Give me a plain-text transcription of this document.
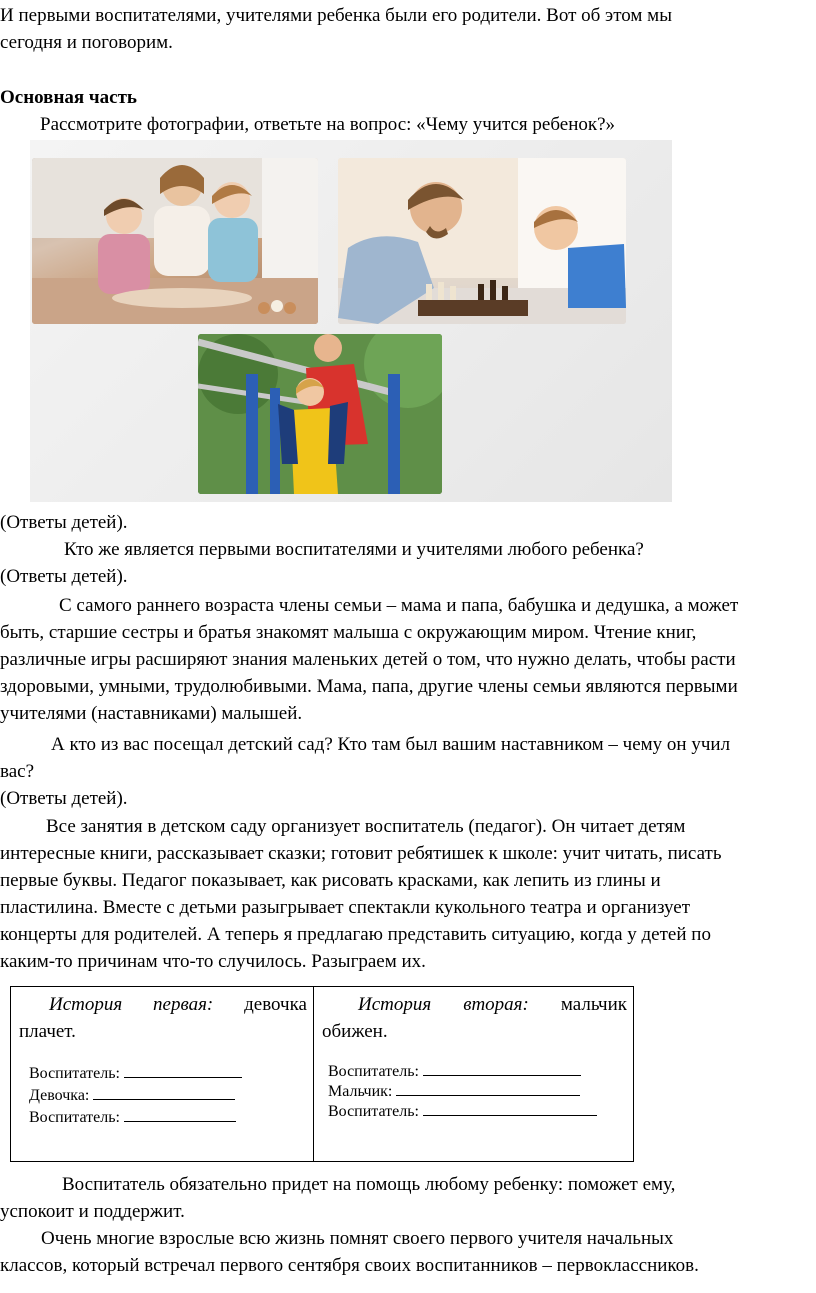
И первыми воспитателями, учителями ребенка были его родители. Вот об этом мы
сегодня и поговорим.
Основная часть
Рассмотрите фотографии, ответьте на вопрос: «Чему учится ребенок?»
(Ответы детей).
Кто же является первыми воспитателями и учителями любого ребенка?
(Ответы детей).
С самого раннего возраста члены семьи – мама и папа, бабушка и дедушка, а может
быть, старшие сестры и братья знакомят малыша с окружающим миром. Чтение книг,
различные игры расширяют знания маленьких детей о том, что нужно делать, чтобы расти
здоровыми, умными, трудолюбивыми. Мама, папа, другие члены семьи являются первыми
учителями (наставниками) малышей.
А кто из вас посещал детский сад? Кто там был вашим наставником – чему он учил
вас?
(Ответы детей).
Все занятия в детском саду организует воспитатель (педагог). Он читает детям
интересные книги, рассказывает сказки; готовит ребятишек к школе: учит читать, писать
первые буквы. Педагог показывает, как рисовать красками, как лепить из глины и
пластилина. Вместе с детьми разыгрывает спектакли кукольного театра и организует
концерты для родителей. А теперь я предлагаю представить ситуацию, когда у детей по
каким-то причинам что-то случилось. Разыграем их.
История первая: девочка плачет.
Воспитатель:
Девочка:
Воспитатель:

История вторая: мальчик обижен.
Воспитатель:
Мальчик:
Воспитатель:
Воспитатель обязательно придет на помощь любому ребенку: поможет ему,
успокоит и поддержит.
Очень многие взрослые всю жизнь помнят своего первого учителя начальных
классов, который встречал первого сентября своих воспитанников – первоклассников.
